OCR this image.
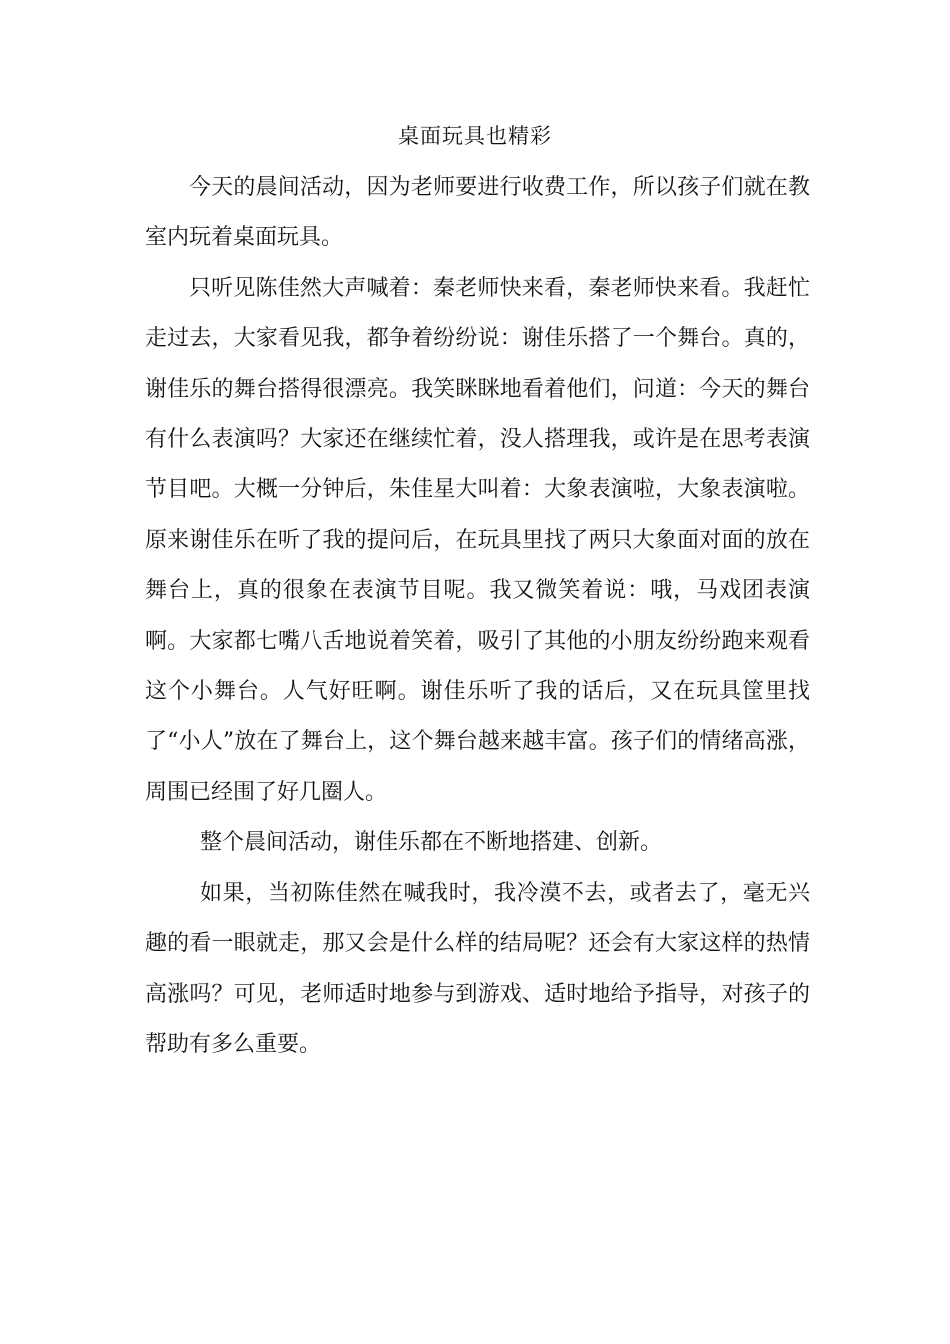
桌面玩具也精彩

今天的晨间活动，因为老师要进行收费工作，所以孩子们就在教室内玩着桌面玩具。

只听见陈佳然大声喊着：秦老师快来看，秦老师快来看。我赶忙走过去，大家看见我，都争着纷纷说：谢佳乐搭了一个舞台。真的，谢佳乐的舞台搭得很漂亮。我笑眯眯地看着他们，问道：今天的舞台有什么表演吗？大家还在继续忙着，没人搭理我，或许是在思考表演节目吧。大概一分钟后，朱佳星大叫着：大象表演啦，大象表演啦。原来谢佳乐在听了我的提问后，在玩具里找了两只大象面对面的放在舞台上，真的很象在表演节目呢。我又微笑着说：哦，马戏团表演啊。大家都七嘴八舌地说着笑着，吸引了其他的小朋友纷纷跑来观看这个小舞台。人气好旺啊。谢佳乐听了我的话后，又在玩具筐里找了“小人”放在了舞台上，这个舞台越来越丰富。孩子们的情绪高涨，周围已经围了好几圈人。

整个晨间活动，谢佳乐都在不断地搭建、创新。

如果，当初陈佳然在喊我时，我冷漠不去，或者去了，毫无兴趣的看一眼就走，那又会是什么样的结局呢？还会有大家这样的热情高涨吗？可见，老师适时地参与到游戏、适时地给予指导，对孩子的帮助有多么重要。
